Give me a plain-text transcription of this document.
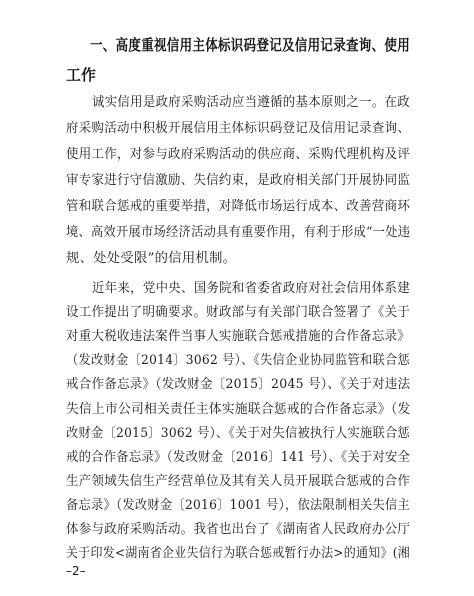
一、高度重视信用主体标识码登记及信用记录查询、使用
工作
诚实信用是政府采购活动应当遵循的基本原则之一。在政
府采购活动中积极开展信用主体标识码登记及信用记录查询、
使用工作，对参与政府采购活动的供应商、采购代理机构及评
审专家进行守信激励、失信约束，是政府相关部门开展协同监
管和联合惩戒的重要举措，对降低市场运行成本、改善营商环
境、高效开展市场经济活动具有重要作用，有利于形成“一处违
规、处处受限”的信用机制。
近年来，党中央、国务院和省委省政府对社会信用体系建
设工作提出了明确要求。财政部与有关部门联合签署了《关于
对重大税收违法案件当事人实施联合惩戒措施的合作备忘录》
（发改财金〔2014〕3062 号）、《失信企业协同监管和联合惩
戒合作备忘录》（发改财金〔2015〕2045 号）、《关于对违法
失信上市公司相关责任主体实施联合惩戒的合作备忘录》（发
改财金〔2015〕3062 号）、《关于对失信被执行人实施联合惩
戒的合作备忘录》（发改财金〔2016〕141 号）、《关于对安全
生产领域失信生产经营单位及其有关人员开展联合惩戒的合作
备忘录》（发改财金〔2016〕1001 号），依法限制相关失信主
体参与政府采购活动。我省也出台了《湖南省人民政府办公厅
–2–
关于印发<湖南省企业失信行为联合惩戒暂行办法>的通知》(湘
